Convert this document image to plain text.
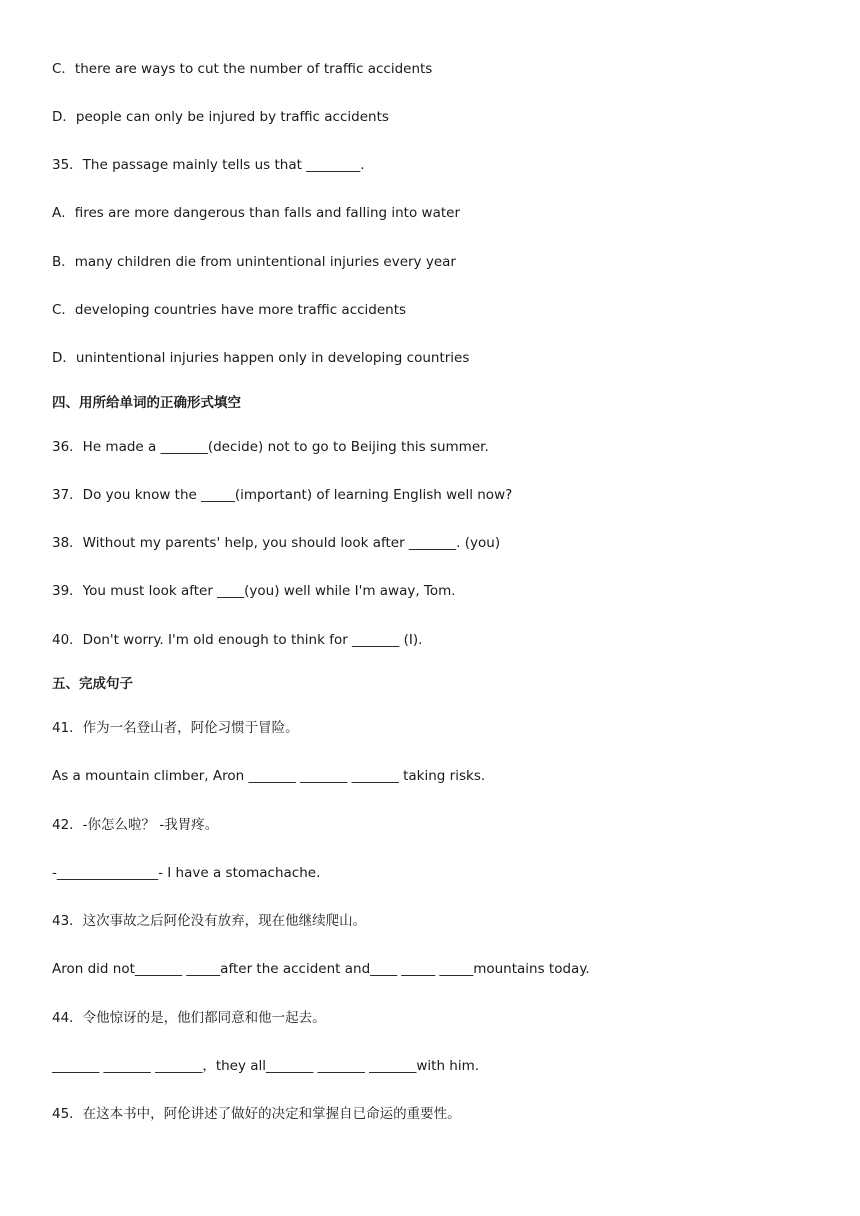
C．there are ways to cut the number of traffic accidents
D．people can only be injured by traffic accidents
35．The passage mainly tells us that ________.
A．fires are more dangerous than falls and falling into water
B．many children die from unintentional injuries every year
C．developing countries have more traffic accidents
D．unintentional injuries happen only in developing countries
四、用所给单词的正确形式填空
36．He made a _______(decide) not to go to Beijing this summer.
37．Do you know the _____(important) of learning English well now?
38．Without my parents' help, you should look after _______. (you)
39．You must look after ____(you) well while I'm away, Tom.
40．Don't worry. I'm old enough to think for _______ (I).
五、完成句子
41．作为一名登山者，阿伦习惯于冒险。
As a mountain climber, Aron _______ _______ _______ taking risks.
42．-你怎么啦？ -我胃疼。
-_______________- I have a stomachache.
43．这次事故之后阿伦没有放弃，现在他继续爬山。
Aron did not_______ _____after the accident and____ _____ _____mountains today.
44．令他惊讶的是，他们都同意和他一起去。
_______ _______ _______，they all_______ _______ _______with him.
45．在这本书中，阿伦讲述了做好的决定和掌握自已命运的重要性。
